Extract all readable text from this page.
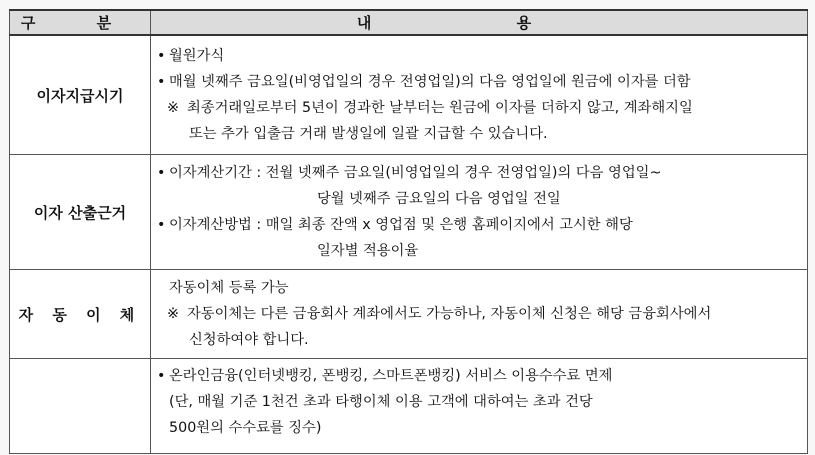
구 분	내 용
이자지급시기	• 월원가식
• 매월 넷째주 금요일(비영업일의 경우 전영업일)의 다음 영업일에 원금에 이자를 더함
※ 최종거래일로부터 5년이 경과한 날부터는 원금에 이자를 더하지 않고, 계좌해지일
또는 추가 입출금 거래 발생일에 일괄 지급할 수 있습니다.

이자 산출근거	• 이자계산기간 : 전월 넷째주 금요일(비영업일의 경우 전영업일)의 다음 영업일~
당월 넷째주 금요일의 다음 영업일 전일
• 이자계산방법 : 매일 최종 잔액 x 영업점 및 은행 홈페이지에서 고시한 해당
일자별 적용이율

자 동 이 체	자동이체 등록 가능
※ 자동이체는 다른 금융회사 계좌에서도 가능하나, 자동이체 신청은 해당 금융회사에서
신청하여야 합니다.

	• 온라인금융(인터넷뱅킹, 폰뱅킹, 스마트폰뱅킹) 서비스 이용수수료 면제
(단, 매월 기준 1천건 초과 타행이체 이용 고객에 대하여는 초과 건당
500원의 수수료를 징수)
